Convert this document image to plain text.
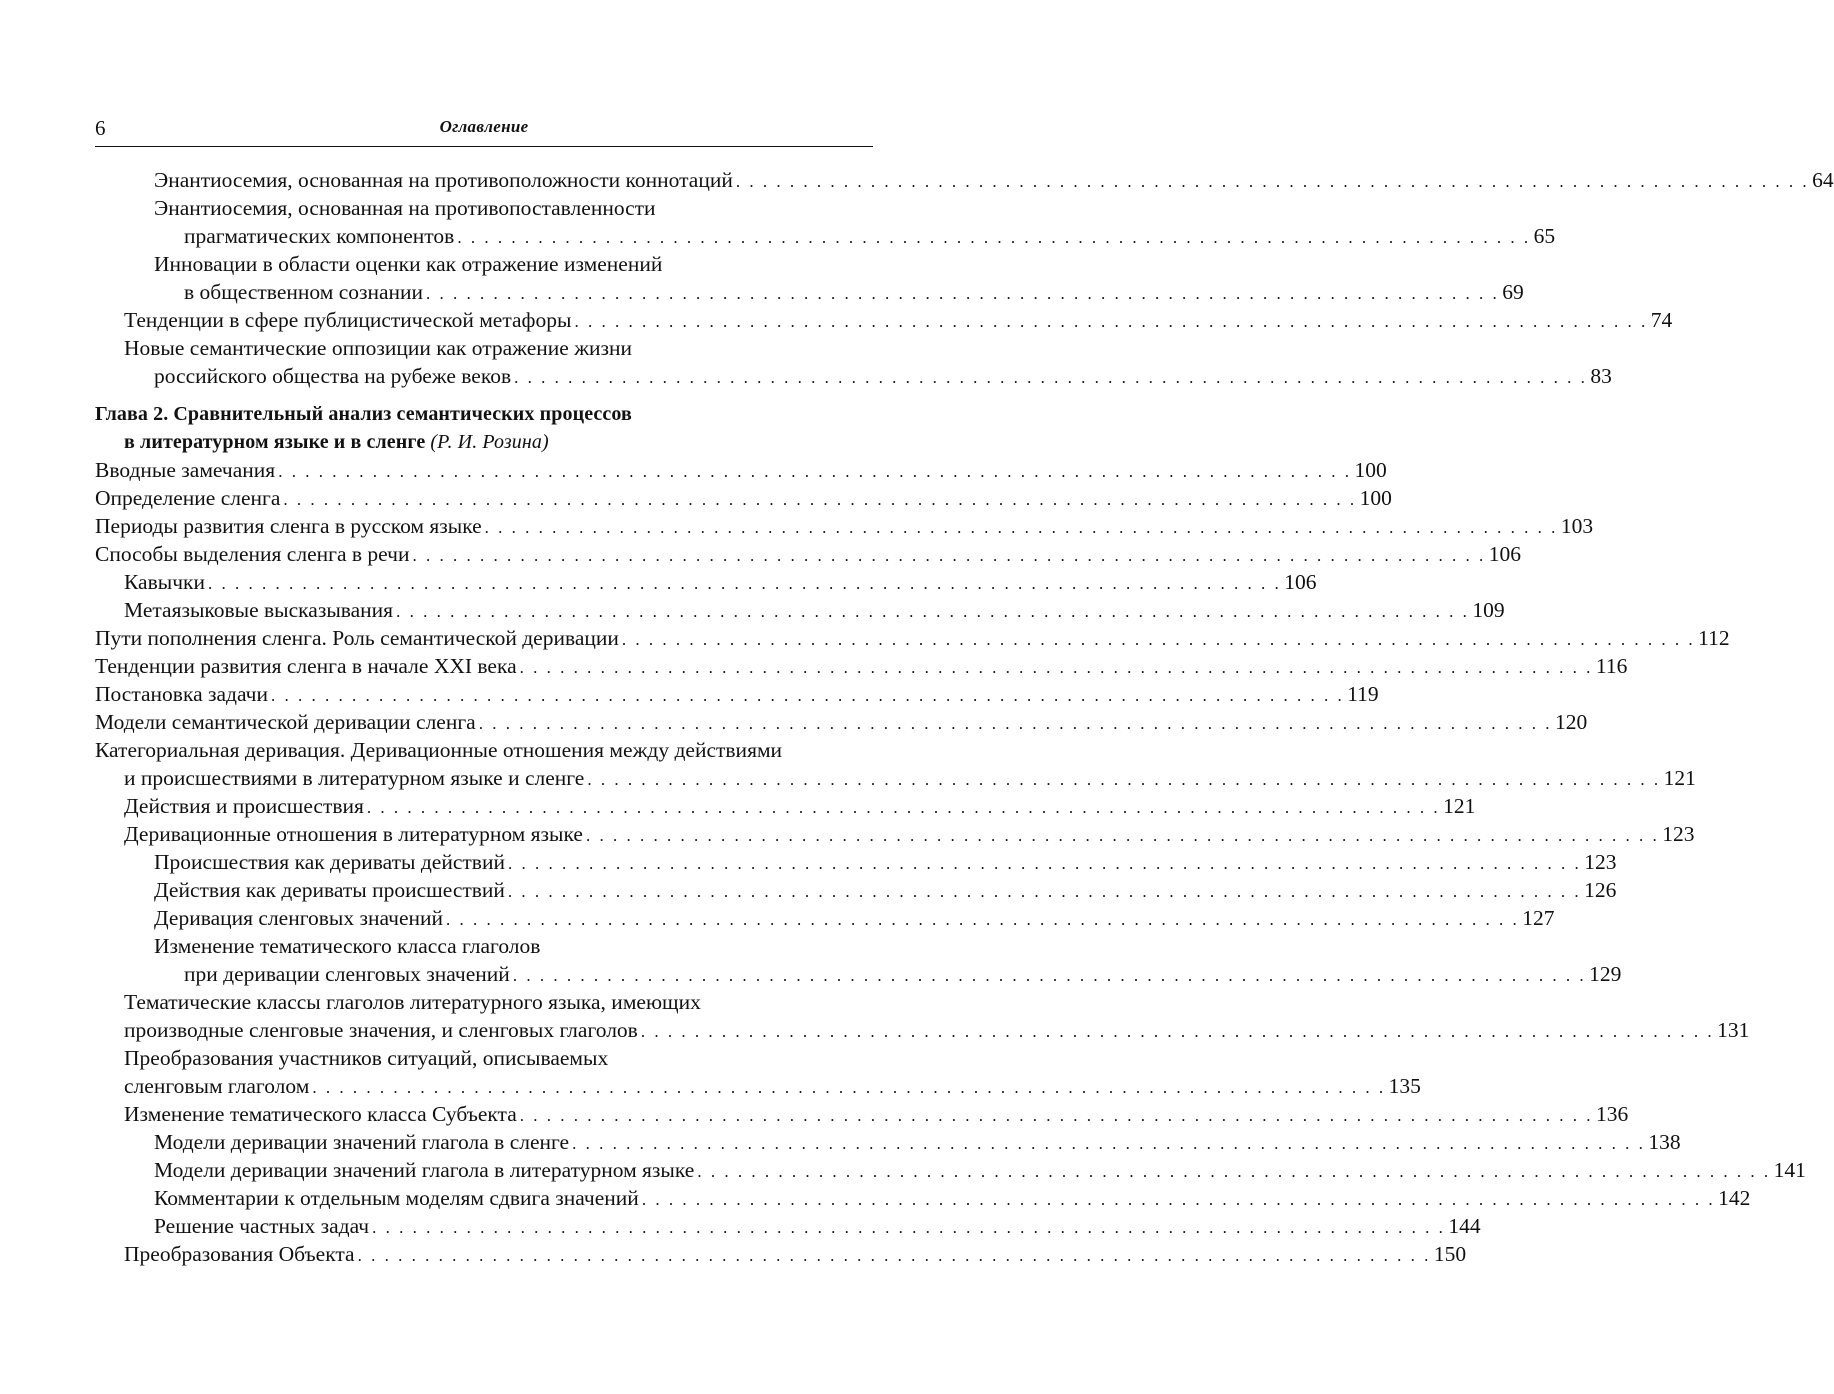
6	Оглавление
Энантиосемия, основанная на противоположности коннотаций . . . . . . . . . . . . . . . . . . . . . . . . . . . . . . . . . . . . . . . . . . . . . . . . . . . . . . . . . . . . . . . . . . . . . . . . . . . . . . . . 64
Энантиосемия, основанная на противопоставленности
прагматических компонентов . . . . . . . . . . . . . . . . . . . . . . . . . . . . . . . . . . . . . . . . . . . . . . . . . . . . . . . . . . . . . . . . . . . . . . . . . . . . . . . . 65
Инновации в области оценки как отражение изменений
в общественном сознании . . . . . . . . . . . . . . . . . . . . . . . . . . . . . . . . . . . . . . . . . . . . . . . . . . . . . . . . . . . . . . . . . . . . . . . . . . . . . . . . 69
Тенденции в сфере публицистической метафоры . . . . . . . . . . . . . . . . . . . . . . . . . . . . . . . . . . . . . . . . . . . . . . . . . . . . . . . . . . . . . . . . . . . . . . . . . . . . . . . . 74
Новые семантические оппозиции как отражение жизни
российского общества на рубеже веков . . . . . . . . . . . . . . . . . . . . . . . . . . . . . . . . . . . . . . . . . . . . . . . . . . . . . . . . . . . . . . . . . . . . . . . . . . . . . . . . 83
Глава 2. Сравнительный анализ семантических процессов
в литературном языке и в сленге
(Р. И. Розина)
Вводные замечания . . . . . . . . . . . . . . . . . . . . . . . . . . . . . . . . . . . . . . . . . . . . . . . . . . . . . . . . . . . . . . . . . . . . . . . . . . . . . . . . 100
Определение сленга . . . . . . . . . . . . . . . . . . . . . . . . . . . . . . . . . . . . . . . . . . . . . . . . . . . . . . . . . . . . . . . . . . . . . . . . . . . . . . . . 100
Периоды развития сленга в русском языке . . . . . . . . . . . . . . . . . . . . . . . . . . . . . . . . . . . . . . . . . . . . . . . . . . . . . . . . . . . . . . . . . . . . . . . . . . . . . . . . 103
Способы выделения сленга в речи . . . . . . . . . . . . . . . . . . . . . . . . . . . . . . . . . . . . . . . . . . . . . . . . . . . . . . . . . . . . . . . . . . . . . . . . . . . . . . . . 106
Кавычки . . . . . . . . . . . . . . . . . . . . . . . . . . . . . . . . . . . . . . . . . . . . . . . . . . . . . . . . . . . . . . . . . . . . . . . . . . . . . . . . 106
Метаязыковые высказывания . . . . . . . . . . . . . . . . . . . . . . . . . . . . . . . . . . . . . . . . . . . . . . . . . . . . . . . . . . . . . . . . . . . . . . . . . . . . . . . . 109
Пути пополнения сленга. Роль семантической деривации . . . . . . . . . . . . . . . . . . . . . . . . . . . . . . . . . . . . . . . . . . . . . . . . . . . . . . . . . . . . . . . . . . . . . . . . . . . . . . . . 112
Тенденции развития сленга в начале XXI века . . . . . . . . . . . . . . . . . . . . . . . . . . . . . . . . . . . . . . . . . . . . . . . . . . . . . . . . . . . . . . . . . . . . . . . . . . . . . . . . 116
Постановка задачи . . . . . . . . . . . . . . . . . . . . . . . . . . . . . . . . . . . . . . . . . . . . . . . . . . . . . . . . . . . . . . . . . . . . . . . . . . . . . . . . 119
Модели семантической деривации сленга . . . . . . . . . . . . . . . . . . . . . . . . . . . . . . . . . . . . . . . . . . . . . . . . . . . . . . . . . . . . . . . . . . . . . . . . . . . . . . . . 120
Категориальная деривация. Деривационные отношения между действиями
и происшествиями в литературном языке и сленге . . . . . . . . . . . . . . . . . . . . . . . . . . . . . . . . . . . . . . . . . . . . . . . . . . . . . . . . . . . . . . . . . . . . . . . . . . . . . . . . 121
Действия и происшествия . . . . . . . . . . . . . . . . . . . . . . . . . . . . . . . . . . . . . . . . . . . . . . . . . . . . . . . . . . . . . . . . . . . . . . . . . . . . . . . . 121
Деривационные отношения в литературном языке . . . . . . . . . . . . . . . . . . . . . . . . . . . . . . . . . . . . . . . . . . . . . . . . . . . . . . . . . . . . . . . . . . . . . . . . . . . . . . . . 123
Происшествия как дериваты действий . . . . . . . . . . . . . . . . . . . . . . . . . . . . . . . . . . . . . . . . . . . . . . . . . . . . . . . . . . . . . . . . . . . . . . . . . . . . . . . . 123
Действия как дериваты происшествий . . . . . . . . . . . . . . . . . . . . . . . . . . . . . . . . . . . . . . . . . . . . . . . . . . . . . . . . . . . . . . . . . . . . . . . . . . . . . . . . 126
Деривация сленговых значений . . . . . . . . . . . . . . . . . . . . . . . . . . . . . . . . . . . . . . . . . . . . . . . . . . . . . . . . . . . . . . . . . . . . . . . . . . . . . . . . 127
Изменение тематического класса глаголов
при деривации сленговых значений . . . . . . . . . . . . . . . . . . . . . . . . . . . . . . . . . . . . . . . . . . . . . . . . . . . . . . . . . . . . . . . . . . . . . . . . . . . . . . . . 129
Тематические классы глаголов литературного языка, имеющих
производные сленговые значения, и сленговых глаголов . . . . . . . . . . . . . . . . . . . . . . . . . . . . . . . . . . . . . . . . . . . . . . . . . . . . . . . . . . . . . . . . . . . . . . . . . . . . . . . . 131
Преобразования участников ситуаций, описываемых
сленговым глаголом . . . . . . . . . . . . . . . . . . . . . . . . . . . . . . . . . . . . . . . . . . . . . . . . . . . . . . . . . . . . . . . . . . . . . . . . . . . . . . . . 135
Изменение тематического класса Субъекта . . . . . . . . . . . . . . . . . . . . . . . . . . . . . . . . . . . . . . . . . . . . . . . . . . . . . . . . . . . . . . . . . . . . . . . . . . . . . . . . 136
Модели деривации значений глагола в сленге . . . . . . . . . . . . . . . . . . . . . . . . . . . . . . . . . . . . . . . . . . . . . . . . . . . . . . . . . . . . . . . . . . . . . . . . . . . . . . . . 138
Модели деривации значений глагола в литературном языке . . . . . . . . . . . . . . . . . . . . . . . . . . . . . . . . . . . . . . . . . . . . . . . . . . . . . . . . . . . . . . . . . . . . . . . . . . . . . . . . 141
Комментарии к отдельным моделям сдвига значений . . . . . . . . . . . . . . . . . . . . . . . . . . . . . . . . . . . . . . . . . . . . . . . . . . . . . . . . . . . . . . . . . . . . . . . . . . . . . . . . 142
Решение частных задач . . . . . . . . . . . . . . . . . . . . . . . . . . . . . . . . . . . . . . . . . . . . . . . . . . . . . . . . . . . . . . . . . . . . . . . . . . . . . . . . 144
Преобразования Объекта . . . . . . . . . . . . . . . . . . . . . . . . . . . . . . . . . . . . . . . . . . . . . . . . . . . . . . . . . . . . . . . . . . . . . . . . . . . . . . . . 150
